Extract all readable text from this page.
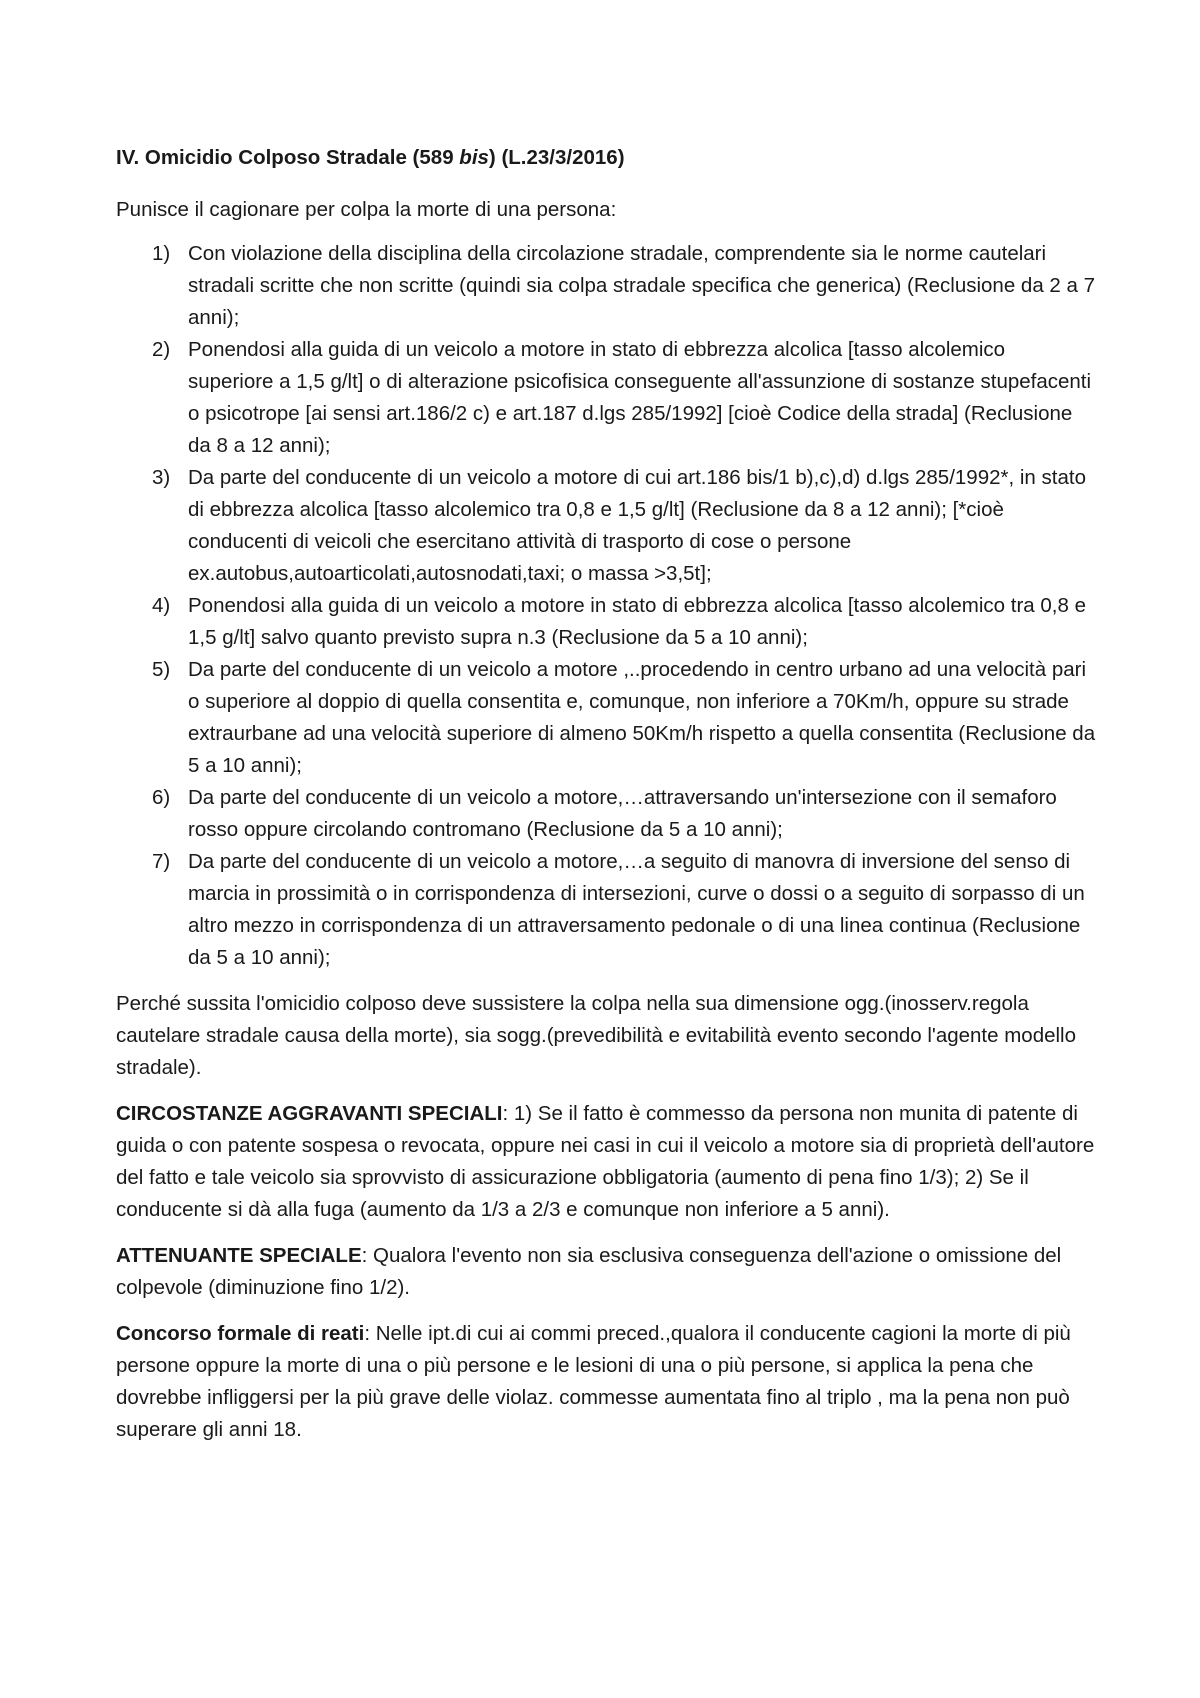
IV. Omicidio Colposo Stradale (589 bis) (L.23/3/2016)

Punisce il cagionare per colpa la morte di una persona:

1) Con violazione della disciplina della circolazione stradale, comprendente sia le norme cautelari stradali scritte che non scritte (quindi sia colpa stradale specifica che generica) (Reclusione da 2 a 7 anni);
2) Ponendosi alla guida di un veicolo a motore in stato di ebbrezza alcolica [tasso alcolemico superiore a 1,5 g/lt] o di alterazione psicofisica conseguente all'assunzione di sostanze stupefacenti o psicotrope [ai sensi art.186/2 c) e art.187 d.lgs 285/1992] [cioè Codice della strada] (Reclusione da 8 a 12 anni);
3) Da parte del conducente di un veicolo a motore di cui art.186 bis/1 b),c),d) d.lgs 285/1992*, in stato di ebbrezza alcolica [tasso alcolemico tra 0,8 e 1,5 g/lt] (Reclusione da 8 a 12 anni); [*cioè conducenti di veicoli che esercitano attività di trasporto di cose o persone ex.autobus,autoarticolati,autosnodati,taxi; o massa >3,5t];
4) Ponendosi alla guida di un veicolo a motore in stato di ebbrezza alcolica [tasso alcolemico tra 0,8 e 1,5 g/lt] salvo quanto previsto supra n.3 (Reclusione da 5 a 10 anni);
5) Da parte del conducente di un veicolo a motore ,..procedendo in centro urbano ad una velocità pari o superiore al doppio di quella consentita e, comunque, non inferiore a 70Km/h, oppure su strade extraurbane ad una velocità superiore di almeno 50Km/h rispetto a quella consentita (Reclusione da 5 a 10 anni);
6) Da parte del conducente di un veicolo a motore,…attraversando un'intersezione con il semaforo rosso oppure circolando contromano (Reclusione da 5 a 10 anni);
7) Da parte del conducente di un veicolo a motore,…a seguito di manovra di inversione del senso di marcia in prossimità o in corrispondenza di intersezioni, curve o dossi o a seguito di sorpasso di un altro mezzo in corrispondenza di un attraversamento pedonale o di una linea continua (Reclusione da 5 a 10 anni);

Perché sussita l'omicidio colposo deve sussistere la colpa nella sua dimensione ogg.(inosserv.regola cautelare stradale causa della morte), sia sogg.(prevedibilità e evitabilità evento secondo l'agente modello stradale).

CIRCOSTANZE AGGRAVANTI SPECIALI: 1) Se il fatto è commesso da persona non munita di patente di guida o con patente sospesa o revocata, oppure nei casi in cui il veicolo a motore sia di proprietà dell'autore del fatto e tale veicolo sia sprovvisto di assicurazione obbligatoria (aumento di pena fino 1/3); 2) Se il conducente si dà alla fuga (aumento da 1/3 a 2/3 e comunque non inferiore a 5 anni).

ATTENUANTE SPECIALE: Qualora l'evento non sia esclusiva conseguenza dell'azione o omissione del colpevole (diminuzione fino 1/2).

Concorso formale di reati: Nelle ipt.di cui ai commi preced.,qualora il conducente cagioni la morte di più persone oppure la morte di una o più persone e le lesioni di una o più persone, si applica la pena che dovrebbe infliggersi per la più grave delle violaz. commesse aumentata fino al triplo , ma la pena non può superare gli anni 18.
